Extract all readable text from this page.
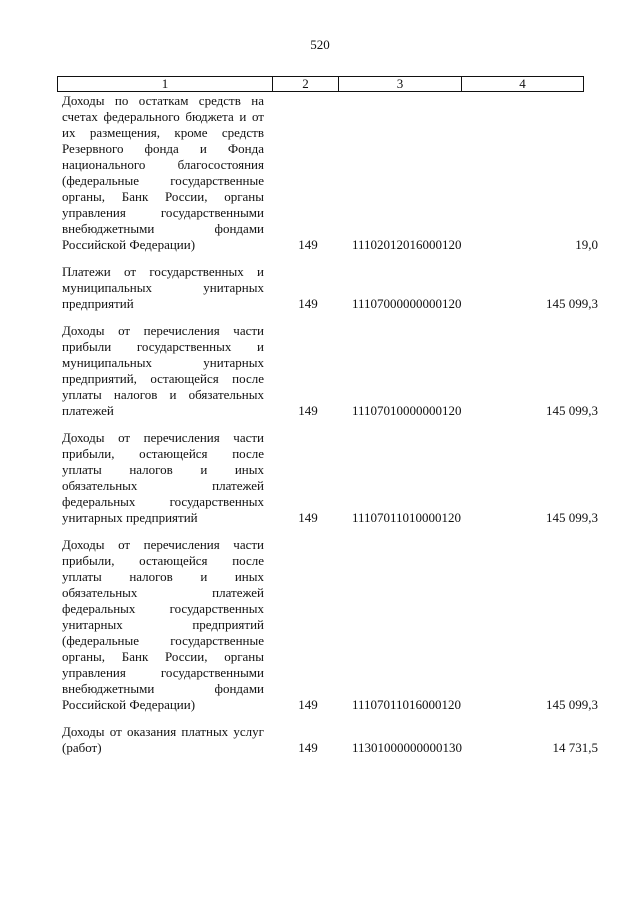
520
1	2	3	4
Доходы по остаткам средств на счетах федерального бюджета и от их размещения, кроме средств Резервного фонда и Фонда национального благосостояния (федеральные государственные органы, Банк России, органы управления государственными внебюджетными фондами Российской Федерации)	149	11102012016000120	19,0
Платежи от государственных и муниципальных унитарных предприятий	149	11107000000000120	145 099,3
Доходы от перечисления части прибыли государственных и муниципальных унитарных предприятий, остающейся после уплаты налогов и обязательных платежей	149	11107010000000120	145 099,3
Доходы от перечисления части прибыли, остающейся после уплаты налогов и иных обязательных платежей федеральных государственных унитарных предприятий	149	11107011010000120	145 099,3
Доходы от перечисления части прибыли, остающейся после уплаты налогов и иных обязательных платежей федеральных государственных унитарных предприятий (федеральные государственные органы, Банк России, органы управления государственными внебюджетными фондами Российской Федерации)	149	11107011016000120	145 099,3
Доходы от оказания платных услуг (работ)	149	11301000000000130	14 731,5
